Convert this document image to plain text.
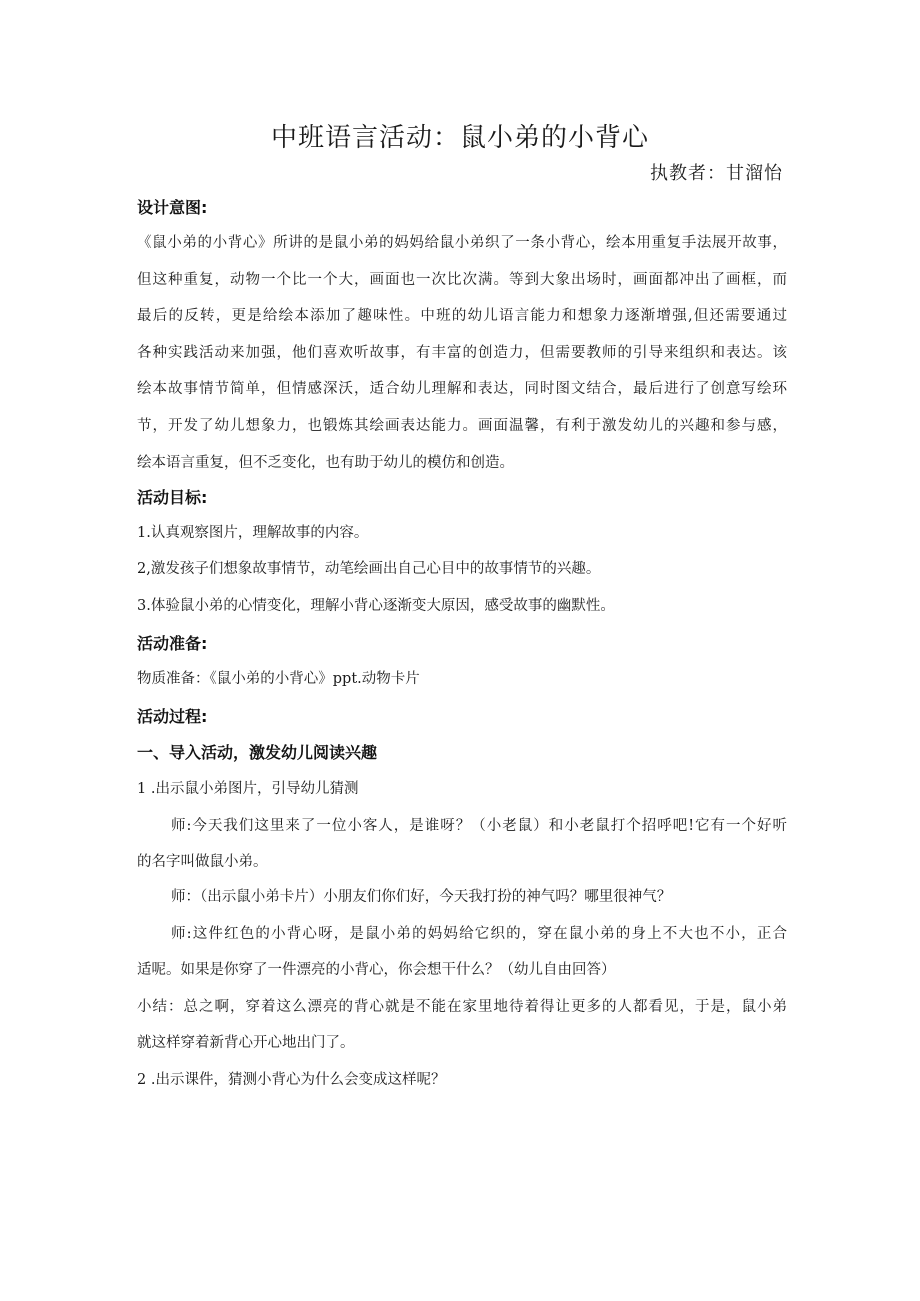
中班语言活动：鼠小弟的小背心
执教者：甘溜怡
设计意图:
《鼠小弟的小背心》所讲的是鼠小弟的妈妈给鼠小弟织了一条小背心，绘本用重复手法展开故事，
但这种重复，动物一个比一个大，画面也一次比次满。等到大象出场时，画面都冲出了画框，而
最后的反转，更是给绘本添加了趣味性。中班的幼儿语言能力和想象力逐渐增强,但还需要通过
各种实践活动来加强，他们喜欢听故事，有丰富的创造力，但需要教师的引导来组织和表达。该
绘本故事情节简单，但情感深沃，适合幼儿理解和表达，同时图文结合，最后进行了创意写绘环
节，开发了幼儿想象力，也锻炼其绘画表达能力。画面温馨，有利于激发幼儿的兴趣和参与感，
绘本语言重复，但不乏变化，也有助于幼儿的模仿和创造。
活动目标:
1.认真观察图片，理解故事的内容。
2,激发孩子们想象故事情节，动笔绘画出自己心目中的故事情节的兴趣。
3.体验鼠小弟的心情变化，理解小背心逐渐变大原因，感受故事的幽默性。
活动准备:
物质准备：《鼠小弟的小背心》ppt.动物卡片
活动过程:
一、导入活动，激发幼儿阅读兴趣
1 .出示鼠小弟图片，引导幼儿猜测
师:今天我们这里来了一位小客人，是谁呀？（小老鼠）和小老鼠打个招呼吧!它有一个好听
的名字叫做鼠小弟。
师：（出示鼠小弟卡片）小朋友们你们好，今天我打扮的神气吗？哪里很神气？
师:这件红色的小背心呀，是鼠小弟的妈妈给它织的，穿在鼠小弟的身上不大也不小，正合
适呢。如果是你穿了一件漂亮的小背心，你会想干什么？（幼儿自由回答）
小结：总之啊，穿着这么漂亮的背心就是不能在家里地待着得让更多的人都看见，于是，鼠小弟
就这样穿着新背心开心地出门了。
2 .出示课件，猜测小背心为什么会变成这样呢？
